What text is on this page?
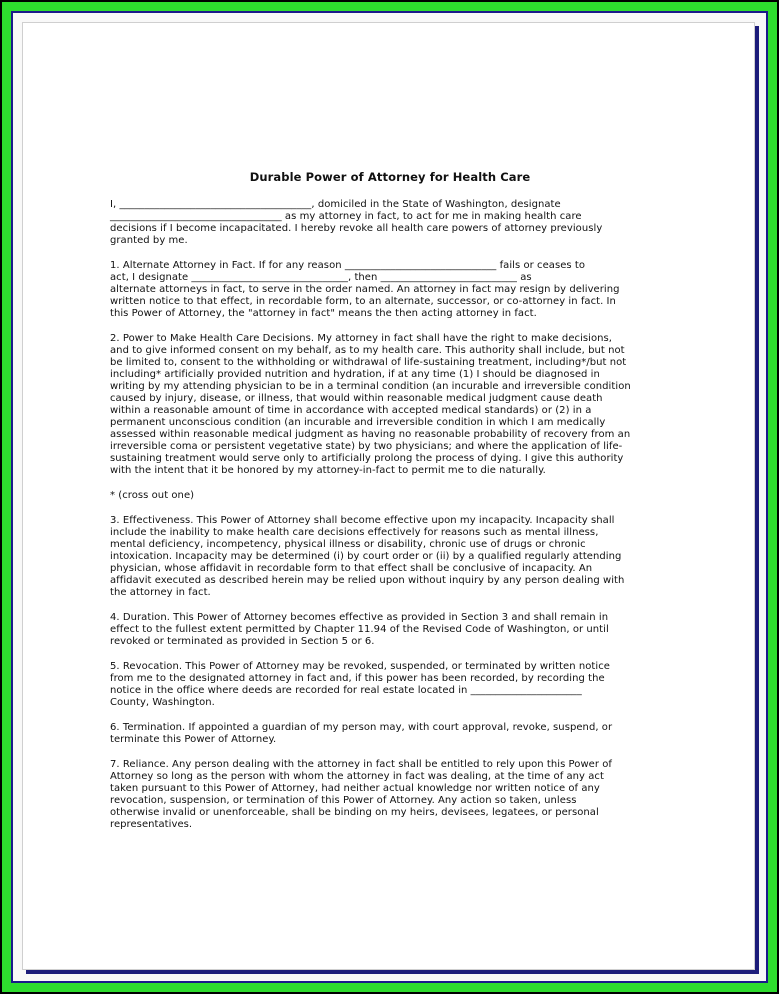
Durable Power of Attorney for Health Care
I, ______________________________________, domiciled in the State of Washington, designate
__________________________________ as my attorney in fact, to act for me in making health care
decisions if I become incapacitated. I hereby revoke all health care powers of attorney previously
granted by me.
1. Alternate Attorney in Fact. If for any reason ______________________________ fails or ceases to
act, I designate _______________________________, then ___________________________ as
alternate attorneys in fact, to serve in the order named. An attorney in fact may resign by delivering
written notice to that effect, in recordable form, to an alternate, successor, or co-attorney in fact. In
this Power of Attorney, the "attorney in fact" means the then acting attorney in fact.
2. Power to Make Health Care Decisions. My attorney in fact shall have the right to make decisions,
and to give informed consent on my behalf, as to my health care. This authority shall include, but not
be limited to, consent to the withholding or withdrawal of life-sustaining treatment, including*/but not
including* artificially provided nutrition and hydration, if at any time (1) I should be diagnosed in
writing by my attending physician to be in a terminal condition (an incurable and irreversible condition
caused by injury, disease, or illness, that would within reasonable medical judgment cause death
within a reasonable amount of time in accordance with accepted medical standards) or (2) in a
permanent unconscious condition (an incurable and irreversible condition in which I am medically
assessed within reasonable medical judgment as having no reasonable probability of recovery from an
irreversible coma or persistent vegetative state) by two physicians; and where the application of life-
sustaining treatment would serve only to artificially prolong the process of dying. I give this authority
with the intent that it be honored by my attorney-in-fact to permit me to die naturally.
* (cross out one)
3. Effectiveness. This Power of Attorney shall become effective upon my incapacity. Incapacity shall
include the inability to make health care decisions effectively for reasons such as mental illness,
mental deficiency, incompetency, physical illness or disability, chronic use of drugs or chronic
intoxication. Incapacity may be determined (i) by court order or (ii) by a qualified regularly attending
physician, whose affidavit in recordable form to that effect shall be conclusive of incapacity. An
affidavit executed as described herein may be relied upon without inquiry by any person dealing with
the attorney in fact.
4. Duration. This Power of Attorney becomes effective as provided in Section 3 and shall remain in
effect to the fullest extent permitted by Chapter 11.94 of the Revised Code of Washington, or until
revoked or terminated as provided in Section 5 or 6.
5. Revocation. This Power of Attorney may be revoked, suspended, or terminated by written notice
from me to the designated attorney in fact and, if this power has been recorded, by recording the
notice in the office where deeds are recorded for real estate located in ______________________
County, Washington.
6. Termination. If appointed a guardian of my person may, with court approval, revoke, suspend, or
terminate this Power of Attorney.
7. Reliance. Any person dealing with the attorney in fact shall be entitled to rely upon this Power of
Attorney so long as the person with whom the attorney in fact was dealing, at the time of any act
taken pursuant to this Power of Attorney, had neither actual knowledge nor written notice of any
revocation, suspension, or termination of this Power of Attorney. Any action so taken, unless
otherwise invalid or unenforceable, shall be binding on my heirs, devisees, legatees, or personal
representatives.
